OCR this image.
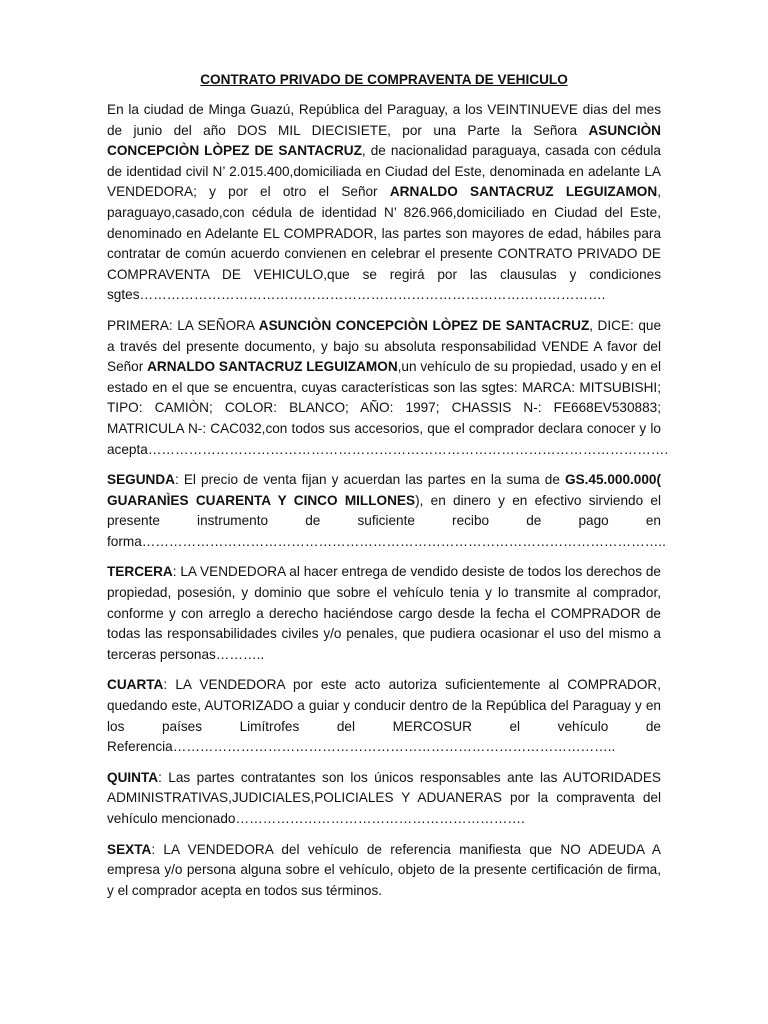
CONTRATO PRIVADO DE COMPRAVENTA DE VEHICULO
En la ciudad de Minga Guazú, República del Paraguay, a los VEINTINUEVE dias del mes de junio del año DOS MIL DIECISIETE, por una Parte la Señora ASUNCIÒN CONCEPCIÒN LÒPEZ DE SANTACRUZ, de nacionalidad paraguaya, casada con cédula de identidad civil N’ 2.015.400,domiciliada en Ciudad del Este, denominada en adelante LA VENDEDORA; y por el otro el Señor ARNALDO SANTACRUZ LEGUIZAMON, paraguayo,casado,con cédula de identidad N’ 826.966,domiciliado en Ciudad del Este, denominado en Adelante EL COMPRADOR, las partes son mayores de edad, hábiles para contratar de común acuerdo convienen en celebrar el presente CONTRATO PRIVADO DE COMPRAVENTA DE VEHICULO,que se regirá por las clausulas y condiciones sgtes………………………………………………………………………………………….
PRIMERA: LA SEÑORA ASUNCIÒN CONCEPCIÒN LÒPEZ DE SANTACRUZ, DICE: que a través del presente documento, y bajo su absoluta responsabilidad VENDE A favor del Señor ARNALDO SANTACRUZ LEGUIZAMON,un vehículo de su propiedad, usado y en el estado en el que se encuentra, cuyas características son las sgtes: MARCA: MITSUBISHI; TIPO: CAMIÒN; COLOR: BLANCO; AÑO: 1997; CHASSIS N-: FE668EV530883; MATRICULA N-: CAC032,con todos sus accesorios, que el comprador declara conocer y lo acepta…………………………………………………………………………………………………….
SEGUNDA: El precio de venta fijan y acuerdan las partes en la suma de GS.45.000.000( GUARANÌES CUARENTA Y CINCO MILLONES), en dinero y en efectivo sirviendo el presente instrumento de suficiente recibo de pago en forma……………………………………………………………………………………………………..
TERCERA: LA VENDEDORA al hacer entrega de vendido desiste de todos los derechos de propiedad, posesión, y dominio que sobre el vehículo tenia y lo transmite al comprador, conforme y con arreglo a derecho haciéndose cargo desde la fecha el COMPRADOR de todas las responsabilidades civiles y/o penales, que pudiera ocasionar el uso del mismo a terceras personas………..
CUARTA: LA VENDEDORA por este acto autoriza suficientemente al COMPRADOR, quedando este, AUTORIZADO a guiar y conducir dentro de la República del Paraguay y en los países Limítrofes del MERCOSUR el vehículo de Referencia……………………………………………………………………………………..
QUINTA: Las partes contratantes son los únicos responsables ante las AUTORIDADES ADMINISTRATIVAS,JUDICIALES,POLICIALES Y ADUANERAS por la compraventa del vehículo mencionado……………………………………………………….
SEXTA: LA VENDEDORA del vehículo de referencia manifiesta que NO ADEUDA A empresa y/o persona alguna sobre el vehículo, objeto de la presente certificación de firma, y el comprador acepta en todos sus términos.
